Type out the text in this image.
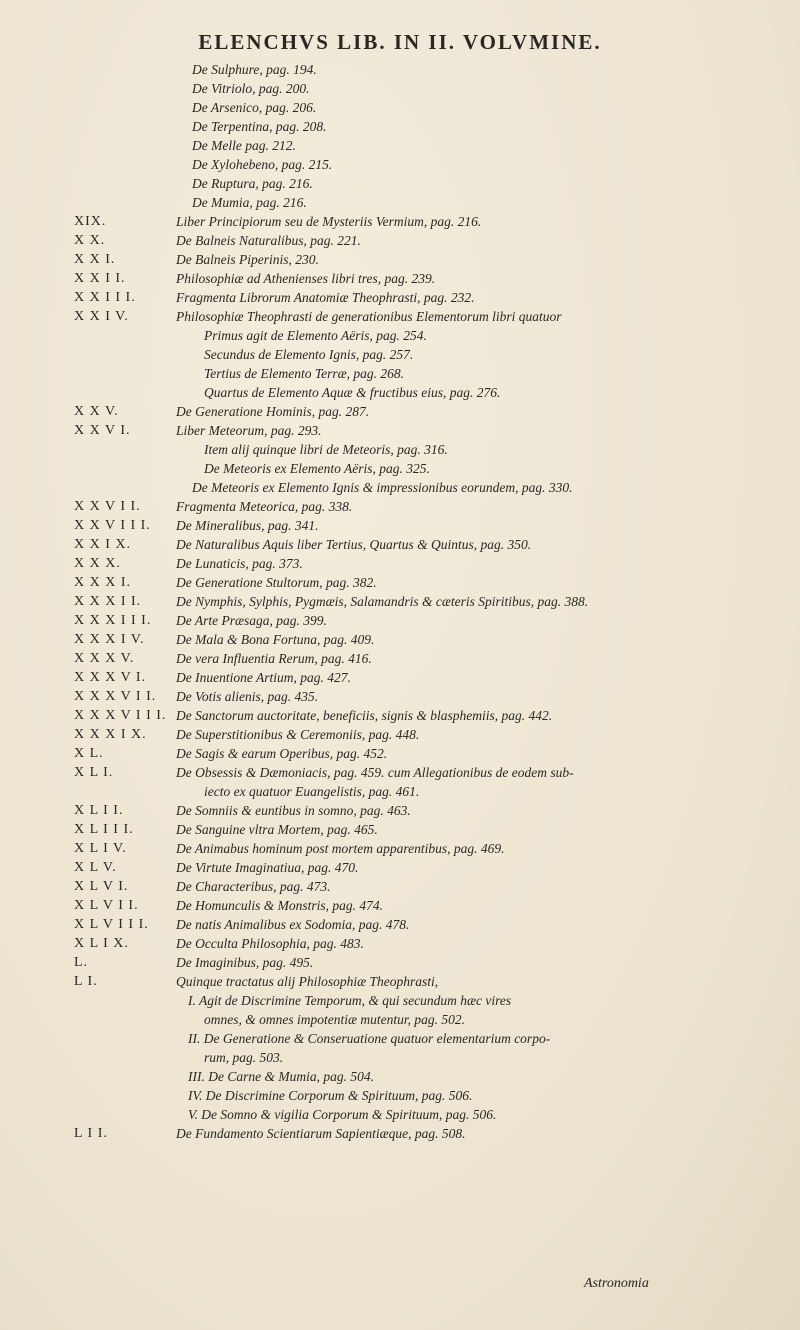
ELENCHVS LIB. IN II. VOLVMINE.
De Sulphure, pag. 194.
De Vitriolo, pag. 200.
De Arsenico, pag. 206.
De Terpentina, pag. 208.
De Melle pag. 212.
De Xylohebeno, pag. 215.
De Ruptura, pag. 216.
De Mumia, pag. 216.
XIX.	Liber Principiorum seu de Mysteriis Vermium, pag. 216.
X X.	De Balneis Naturalibus, pag. 221.
X X I.	De Balneis Piperinis, 230.
X X I I.	Philosophiæ ad Athenienses libri tres, pag. 239.
X X I I I.	Fragmenta Librorum Anatomiæ Theophrasti, pag. 232.
X X I V.	Philosophiæ Theophrasti de generationibus Elementorum libri quatuor
Primus agit de Elemento Aëris, pag. 254.
Secundus de Elemento Ignis, pag. 257.
Tertius de Elemento Terræ, pag. 268.
Quartus de Elemento Aquæ & fructibus eius, pag. 276.
X X V.	De Generatione Hominis, pag. 287.
X X V I.	Liber Meteorum, pag. 293.
Item alij quinque libri de Meteoris, pag. 316.
De Meteoris ex Elemento Aëris, pag. 325.
De Meteoris ex Elemento Ignis & impressionibus eorundem, pag. 330.
X X V I I.	Fragmenta Meteorica, pag. 338.
X X V I I I.	De Mineralibus, pag. 341.
X X I X.	De Naturalibus Aquis liber Tertius, Quartus & Quintus, pag. 350.
X X X.	De Lunaticis, pag. 373.
X X X I.	De Generatione Stultorum, pag. 382.
X X X I I.	De Nymphis, Sylphis, Pygmæis, Salamandris & cæteris Spiritibus, pag. 388.
X X X I I I.	De Arte Præsaga, pag. 399.
X X X I V.	De Mala & Bona Fortuna, pag. 409.
X X X V.	De vera Influentia Rerum, pag. 416.
X X X V I.	De Inuentione Artium, pag. 427.
X X X V I I.	De Votis alienis, pag. 435.
X X X V I I I. De Sanctorum auctoritate, beneficiis, signis & blasphemiis, pag. 442.
X X X I X.	De Superstitionibus & Ceremoniis, pag. 448.
X L.	De Sagis & earum Operibus, pag. 452.
X L I.	De Obsessis & Dæmoniacis, pag. 459. cum Allegationibus de eodem sub-
iecto ex quatuor Euangelistis, pag. 461.
X L I I.	De Somniis & euntibus in somno, pag. 463.
X L I I I.	De Sanguine vltra Mortem, pag. 465.
X L I V.	De Animabus hominum post mortem apparentibus, pag. 469.
X L V.	De Virtute Imaginatiua, pag. 470.
X L V I.	De Characteribus, pag. 473.
X L V I I.	De Homunculis & Monstris, pag. 474.
X L V I I I.	De natis Animalibus ex Sodomia, pag. 478.
X L I X.	De Occulta Philosophia, pag. 483.
L.	De Imaginibus, pag. 495.
L I.	Quinque tractatus alij Philosophiæ Theophrasti,
I. Agit de Discrimine Temporum, & qui secundum hæc vires
omnes, & omnes impotentiæ mutentur, pag. 502.
II. De Generatione & Conseruatione quatuor elementarium corpo-
rum, pag. 503.
III. De Carne & Mumia, pag. 504.
IV. De Discrimine Corporum & Spirituum, pag. 506.
V. De Somno & vigilia Corporum & Spirituum, pag. 506.
L I I.	De Fundamento Scientiarum Sapientiæque, pag. 508.
Astronomia
